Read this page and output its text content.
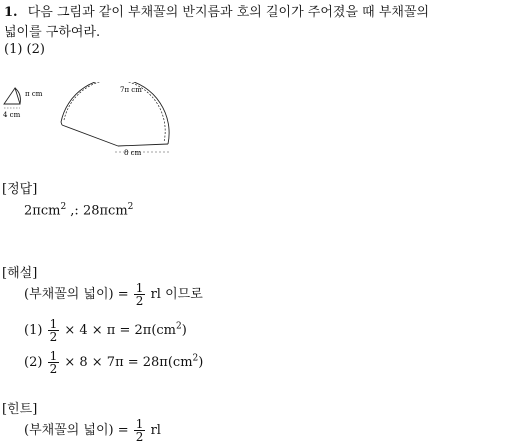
1. 다음 그림과 같이 부채꼴의 반지름과 호의 길이가 주어졌을 때 부채꼴의
넓이를 구하여라.
(1) (2)
π cm
4 cm
7π cm
8 cm
[정답]
2πcm$^2$ ,: 28πcm$^2$
[해설]
(부채꼴의 넓이) = $\frac{1}{2}$ rl 이므로
$(1) \frac{1}{2} \times 4 \times \pi = 2\pi(cm^2)$
$(2) \frac{1}{2} \times 8 \times 7\pi = 28\pi(cm^2)$
[힌트]
(부채꼴의 넓이) = $\frac{1}{2}$ rl
